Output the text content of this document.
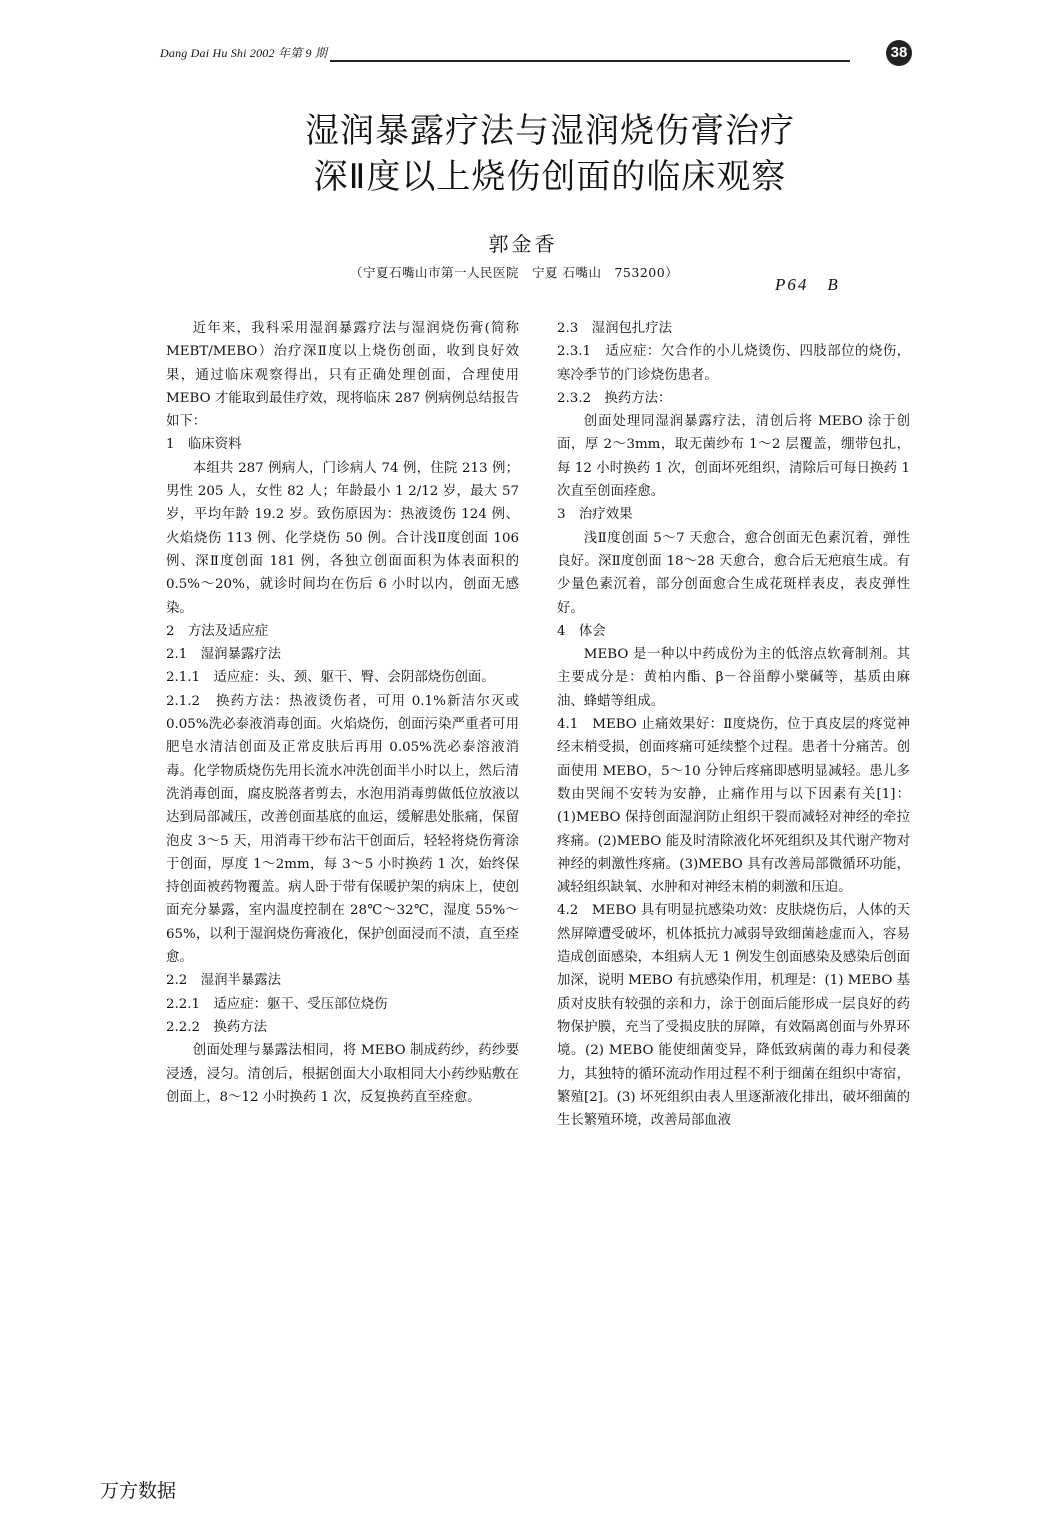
Dang Dai Hu Shi 2002 年第 9 期	38
湿润暴露疗法与湿润烧伤膏治疗
深Ⅱ度以上烧伤创面的临床观察
郭金香
（宁夏石嘴山市第一人民医院　宁夏 石嘴山　753200）
P64　B

近年来，我科采用湿润暴露疗法与湿润烧伤膏(简称 MEBT/MEBO）治疗深Ⅱ度以上烧伤创面，收到良好效果，通过临床观察得出，只有正确处理创面，合理使用 MEBO 才能取到最佳疗效，现将临床 287 例病例总结报告如下：

1　临床资料

本组共 287 例病人，门诊病人 74 例，住院 213 例；男性 205 人，女性 82 人；年龄最小 1 2/12 岁，最大 57 岁，平均年龄 19.2 岁。致伤原因为：热液烫伤 124 例、火焰烧伤 113 例、化学烧伤 50 例。合计浅Ⅱ度创面 106 例、深Ⅱ度创面 181 例，各独立创面面积为体表面积的 0.5%～20%，就诊时间均在伤后 6 小时以内，创面无感染。

2　方法及适应症

2.1　湿润暴露疗法

2.1.1　适应症：头、颈、躯干、臀、会阴部烧伤创面。

2.1.2　换药方法：热液烫伤者，可用 0.1%新洁尔灭或 0.05%洗必泰液消毒创面。火焰烧伤，创面污染严重者可用肥皂水清洁创面及正常皮肤后再用 0.05%洗必泰溶液消毒。化学物质烧伤先用长流水冲洗创面半小时以上，然后清洗消毒创面，腐皮脱落者剪去，水泡用消毒剪做低位放液以达到局部减压，改善创面基底的血运，缓解患处胀痛，保留泡皮 3～5 天，用消毒干纱布沾干创面后，轻轻将烧伤膏涂于创面，厚度 1～2mm，每 3～5 小时换药 1 次，始终保持创面被药物覆盖。病人卧于带有保暖护架的病床上，使创面充分暴露，室内温度控制在 28℃～32℃，湿度 55%～65%，以利于湿润烧伤膏液化，保护创面浸而不渍，直至痊愈。

2.2　湿润半暴露法

2.2.1　适应症：躯干、受压部位烧伤

2.2.2　换药方法

创面处理与暴露法相同，将 MEBO 制成药纱，药纱要浸透，浸匀。清创后，根据创面大小取相同大小药纱贴敷在创面上，8～12 小时换药 1 次，反复换药直至痊愈。

2.3　湿润包扎疗法

2.3.1　适应症：欠合作的小儿烧烫伤、四肢部位的烧伤，寒冷季节的门诊烧伤患者。

2.3.2　换药方法：

创面处理同湿润暴露疗法，清创后将 MEBO 涂于创面，厚 2～3mm，取无菌纱布 1～2 层覆盖，绷带包扎，每 12 小时换药 1 次，创面坏死组织，清除后可每日换药 1 次直至创面痊愈。

3　治疗效果

浅Ⅱ度创面 5～7 天愈合，愈合创面无色素沉着，弹性良好。深Ⅱ度创面 18～28 天愈合，愈合后无疤痕生成。有少量色素沉着，部分创面愈合生成花斑样表皮，表皮弹性好。

4　体会

MEBO 是一种以中药成份为主的低溶点软膏制剂。其主要成分是：黄柏内酯、β－谷甾醇小檗碱等，基质由麻油、蜂蜡等组成。

4.1　MEBO 止痛效果好：Ⅱ度烧伤，位于真皮层的疼觉神经末梢受损，创面疼痛可延续整个过程。患者十分痛苦。创面使用 MEBO，5～10 分钟后疼痛即感明显减轻。患儿多数由哭闹不安转为安静，止痛作用与以下因素有关[1]：(1)MEBO 保持创面湿润防止组织干裂而减轻对神经的牵拉疼痛。(2)MEBO 能及时清除液化坏死组织及其代谢产物对神经的刺激性疼痛。(3)MEBO 具有改善局部微循环功能，减轻组织缺氧、水肿和对神经末梢的刺激和压迫。

4.2　MEBO 具有明显抗感染功效：皮肤烧伤后，人体的天然屏障遭受破坏，机体抵抗力减弱导致细菌趁虚而入，容易造成创面感染，本组病人无 1 例发生创面感染及感染后创面加深，说明 MEBO 有抗感染作用，机理是：(1) MEBO 基质对皮肤有较强的亲和力，涂于创面后能形成一层良好的药物保护膜，充当了受损皮肤的屏障，有效隔离创面与外界环境。(2) MEBO 能使细菌变异，降低致病菌的毒力和侵袭力，其独特的循环流动作用过程不利于细菌在组织中寄宿，繁殖[2]。(3) 坏死组织由表人里逐渐液化排出，破坏细菌的生长繁殖环境，改善局部血液

万方数据
